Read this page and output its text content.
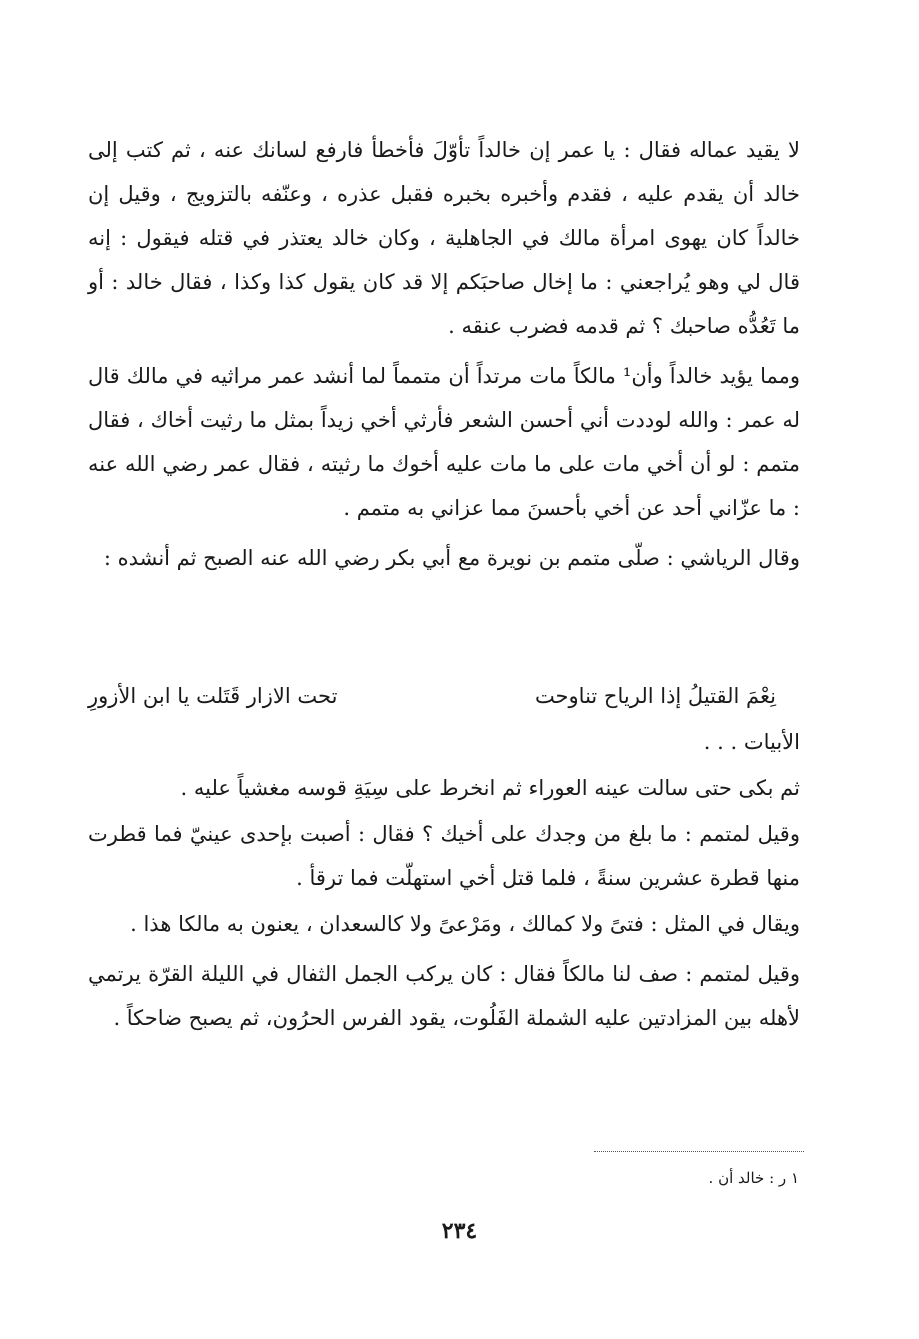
لا يقيد عماله فقال : يا عمر إن خالداً تأوّلَ فأخطأ فارفع لسانك عنه ، ثم كتب إلى خالد أن يقدم عليه ، فقدم وأخبره بخبره فقبل عذره ، وعنّفه بالتزويج ، وقيل إن خالداً كان يهوى امرأة مالك في الجاهلية ، وكان خالد يعتذر في قتله فيقول : إنه قال لي وهو يُراجعني : ما إخال صاحبَكم إلا قد كان يقول كذا وكذا ، فقال خالد : أو ما تَعُدُّه صاحبك ؟ ثم قدمه فضرب عنقه .

ومما يؤيد خالداً وأن¹ مالكاً مات مرتداً أن متمماً لما أنشد عمر مراثيه في مالك قال له عمر : والله لوددت أني أحسن الشعر فأرثي أخي زيداً بمثل ما رثيت أخاك ، فقال متمم : لو أن أخي مات على ما مات عليه أخوك ما رثيته ، فقال عمر رضي الله عنه : ما عزّاني أحد عن أخي بأحسنَ مما عزاني به متمم .

وقال الرياشي : صلّى متمم بن نويرة مع أبي بكر رضي الله عنه الصبح ثم أنشده :

نِعْمَ القتيلُ إذا الرياح تناوحت
تحت الازار قَتَلت يا ابن الأزورِ
الأبيات . . .

ثم بكى حتى سالت عينه العوراء ثم انخرط على سِيَةِ قوسه مغشياً عليه .

وقيل لمتمم : ما بلغ من وجدك على أخيك ؟ فقال : أصبت بإحدى عينيّ فما قطرت منها قطرة عشرين سنةً ، فلما قتل أخي استهلّت فما ترقأ .

ويقال في المثل : فتىً ولا كمالك ، ومَرْعىً ولا كالسعدان ، يعنون به مالكا هذا .

وقيل لمتمم : صف لنا مالكاً فقال : كان يركب الجمل الثفال في الليلة القرّة يرتمي لأهله بين المزادتين عليه الشملة الفَلُوت، يقود الفرس الحرُون، ثم يصبح ضاحكاً .

١ ر : خالد أن .
٢٣٤
